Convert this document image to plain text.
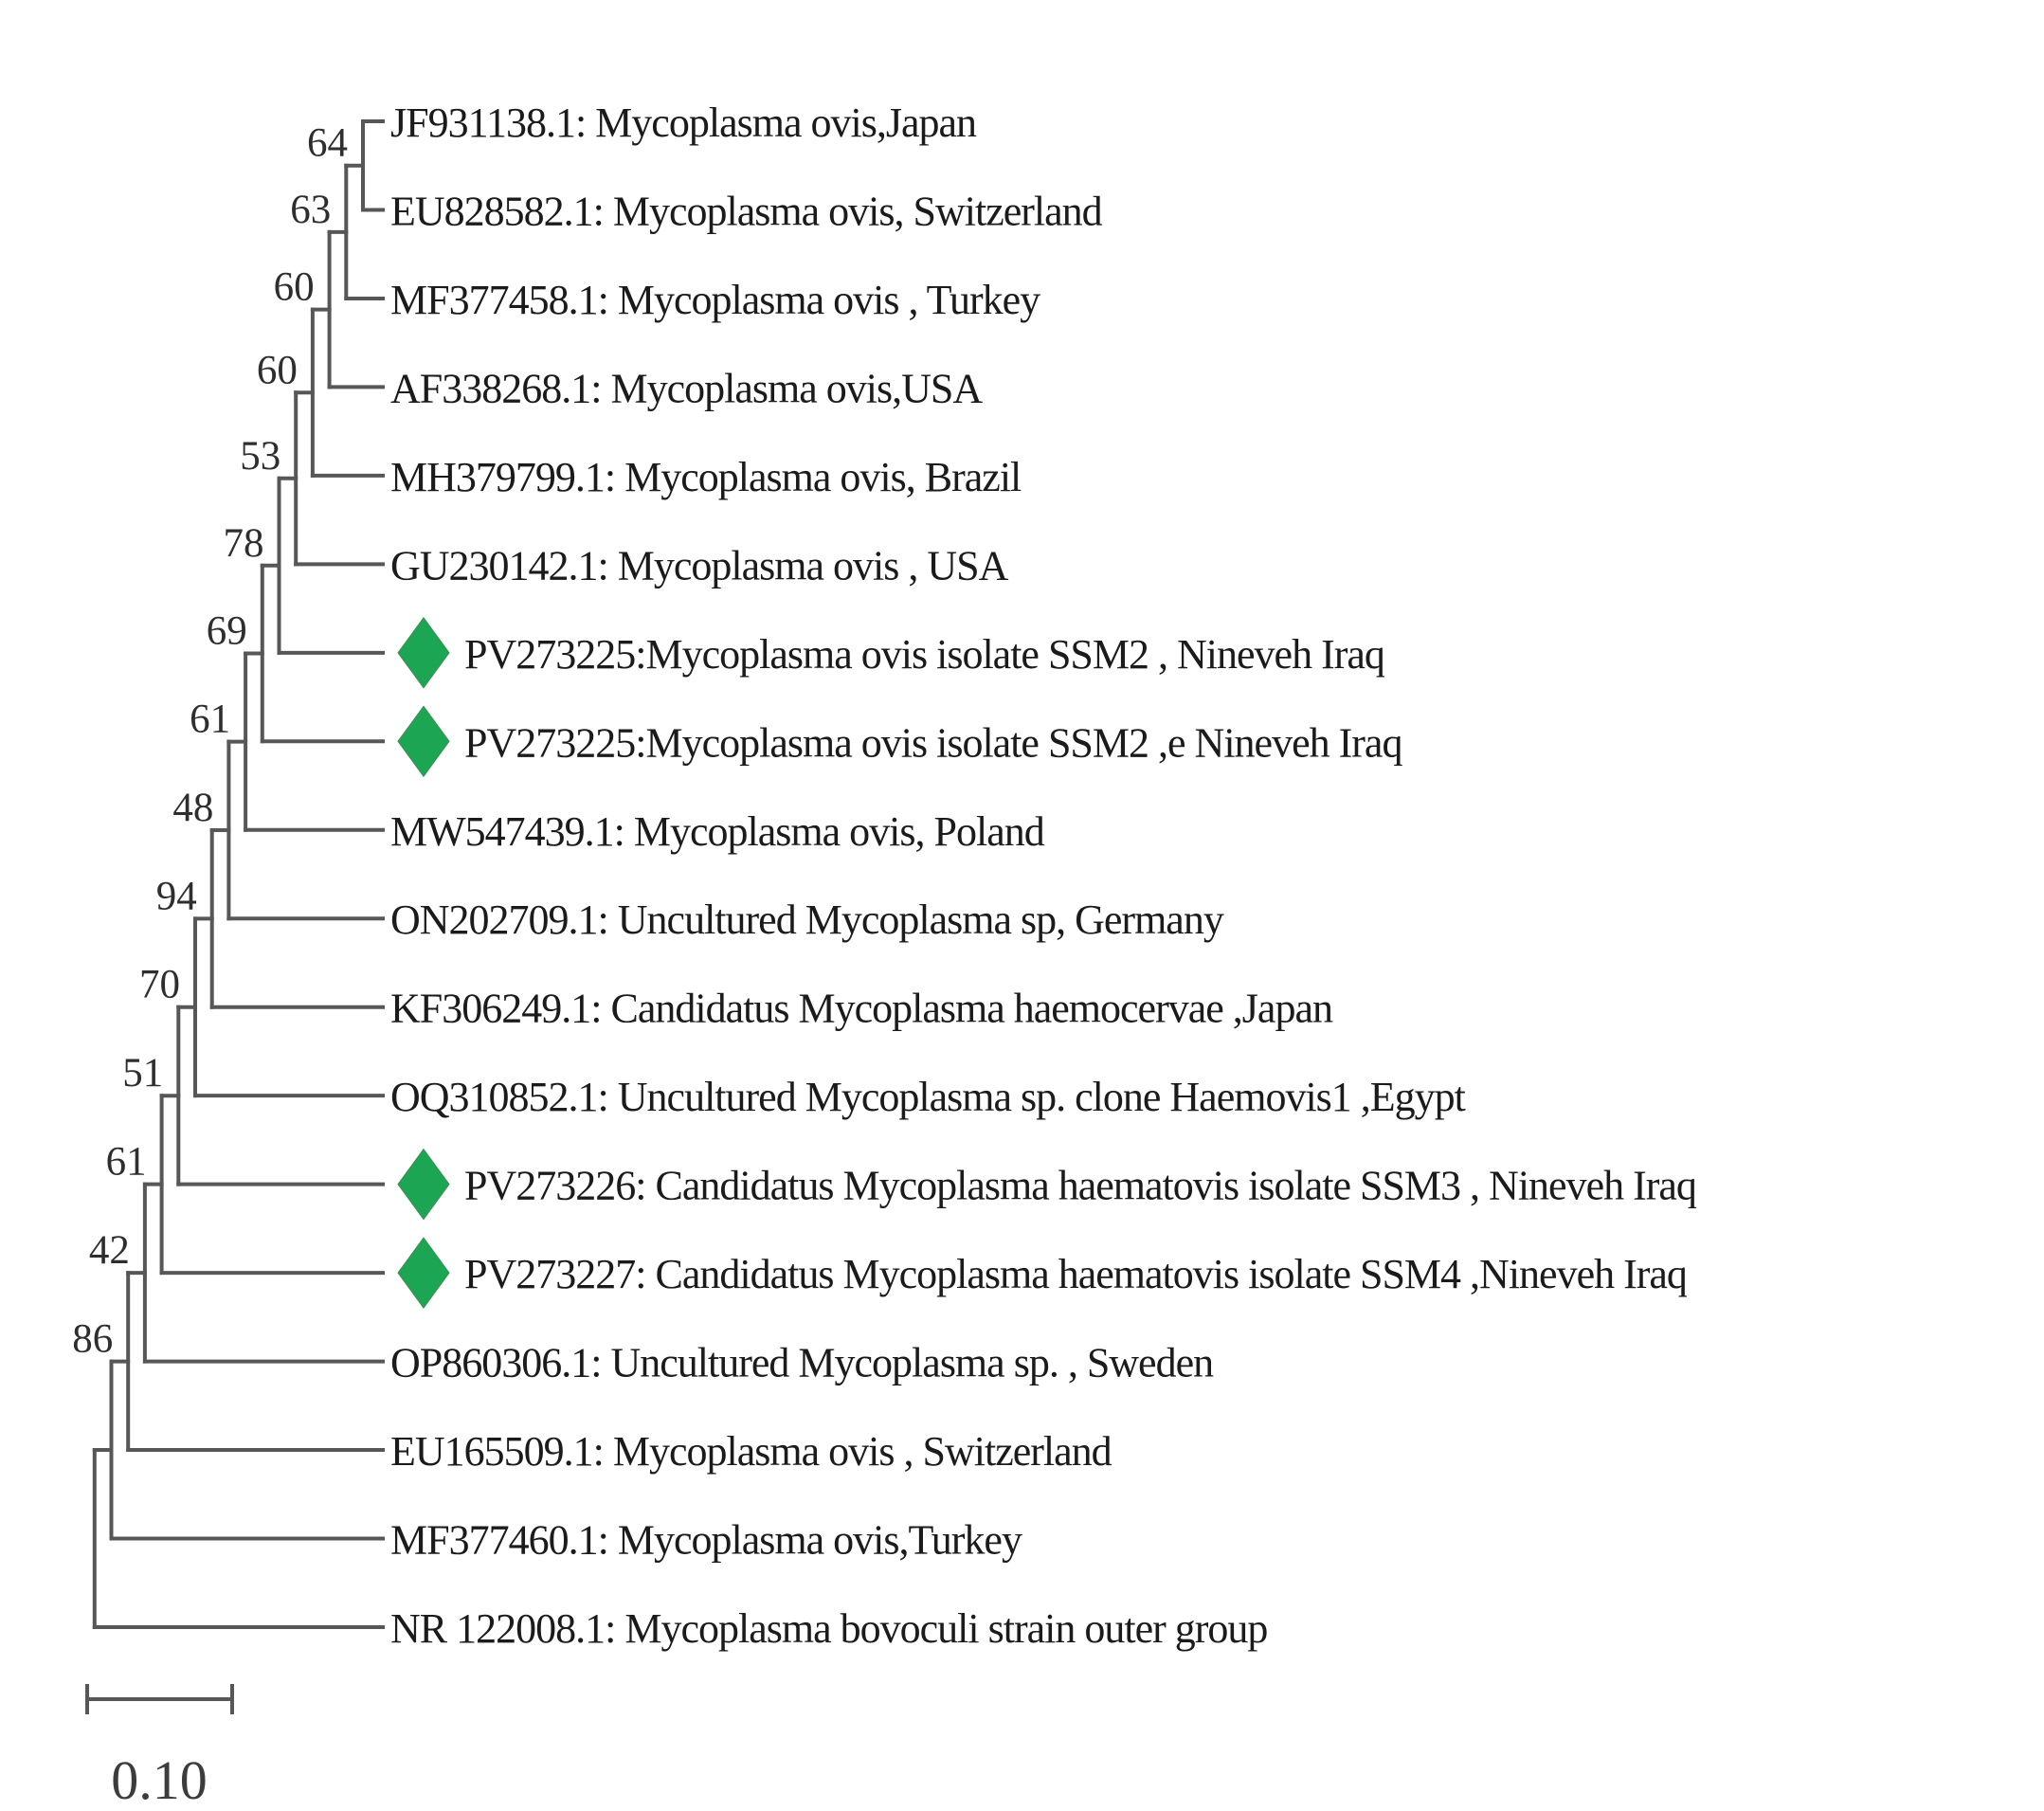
64
63
60
60
53
78
69
61
48
94
70
51
61
42
86
JF931138.1: Mycoplasma ovis,Japan
EU828582.1: Mycoplasma ovis, Switzerland
MF377458.1: Mycoplasma ovis , Turkey
AF338268.1: Mycoplasma ovis,USA
MH379799.1: Mycoplasma ovis, Brazil
GU230142.1: Mycoplasma ovis , USA
PV273225:Mycoplasma ovis isolate SSM2 , Nineveh Iraq
PV273225:Mycoplasma ovis isolate SSM2 ,e Nineveh Iraq
MW547439.1: Mycoplasma ovis, Poland
ON202709.1: Uncultured Mycoplasma sp, Germany
KF306249.1: Candidatus Mycoplasma haemocervae ,Japan
OQ310852.1: Uncultured Mycoplasma sp. clone Haemovis1 ,Egypt
PV273226: Candidatus Mycoplasma haematovis isolate SSM3 , Nineveh Iraq
PV273227: Candidatus Mycoplasma haematovis isolate SSM4 ,Nineveh Iraq
OP860306.1: Uncultured Mycoplasma sp. , Sweden
EU165509.1: Mycoplasma ovis , Switzerland
MF377460.1: Mycoplasma ovis,Turkey
NR 122008.1: Mycoplasma bovoculi strain outer group
0.10
